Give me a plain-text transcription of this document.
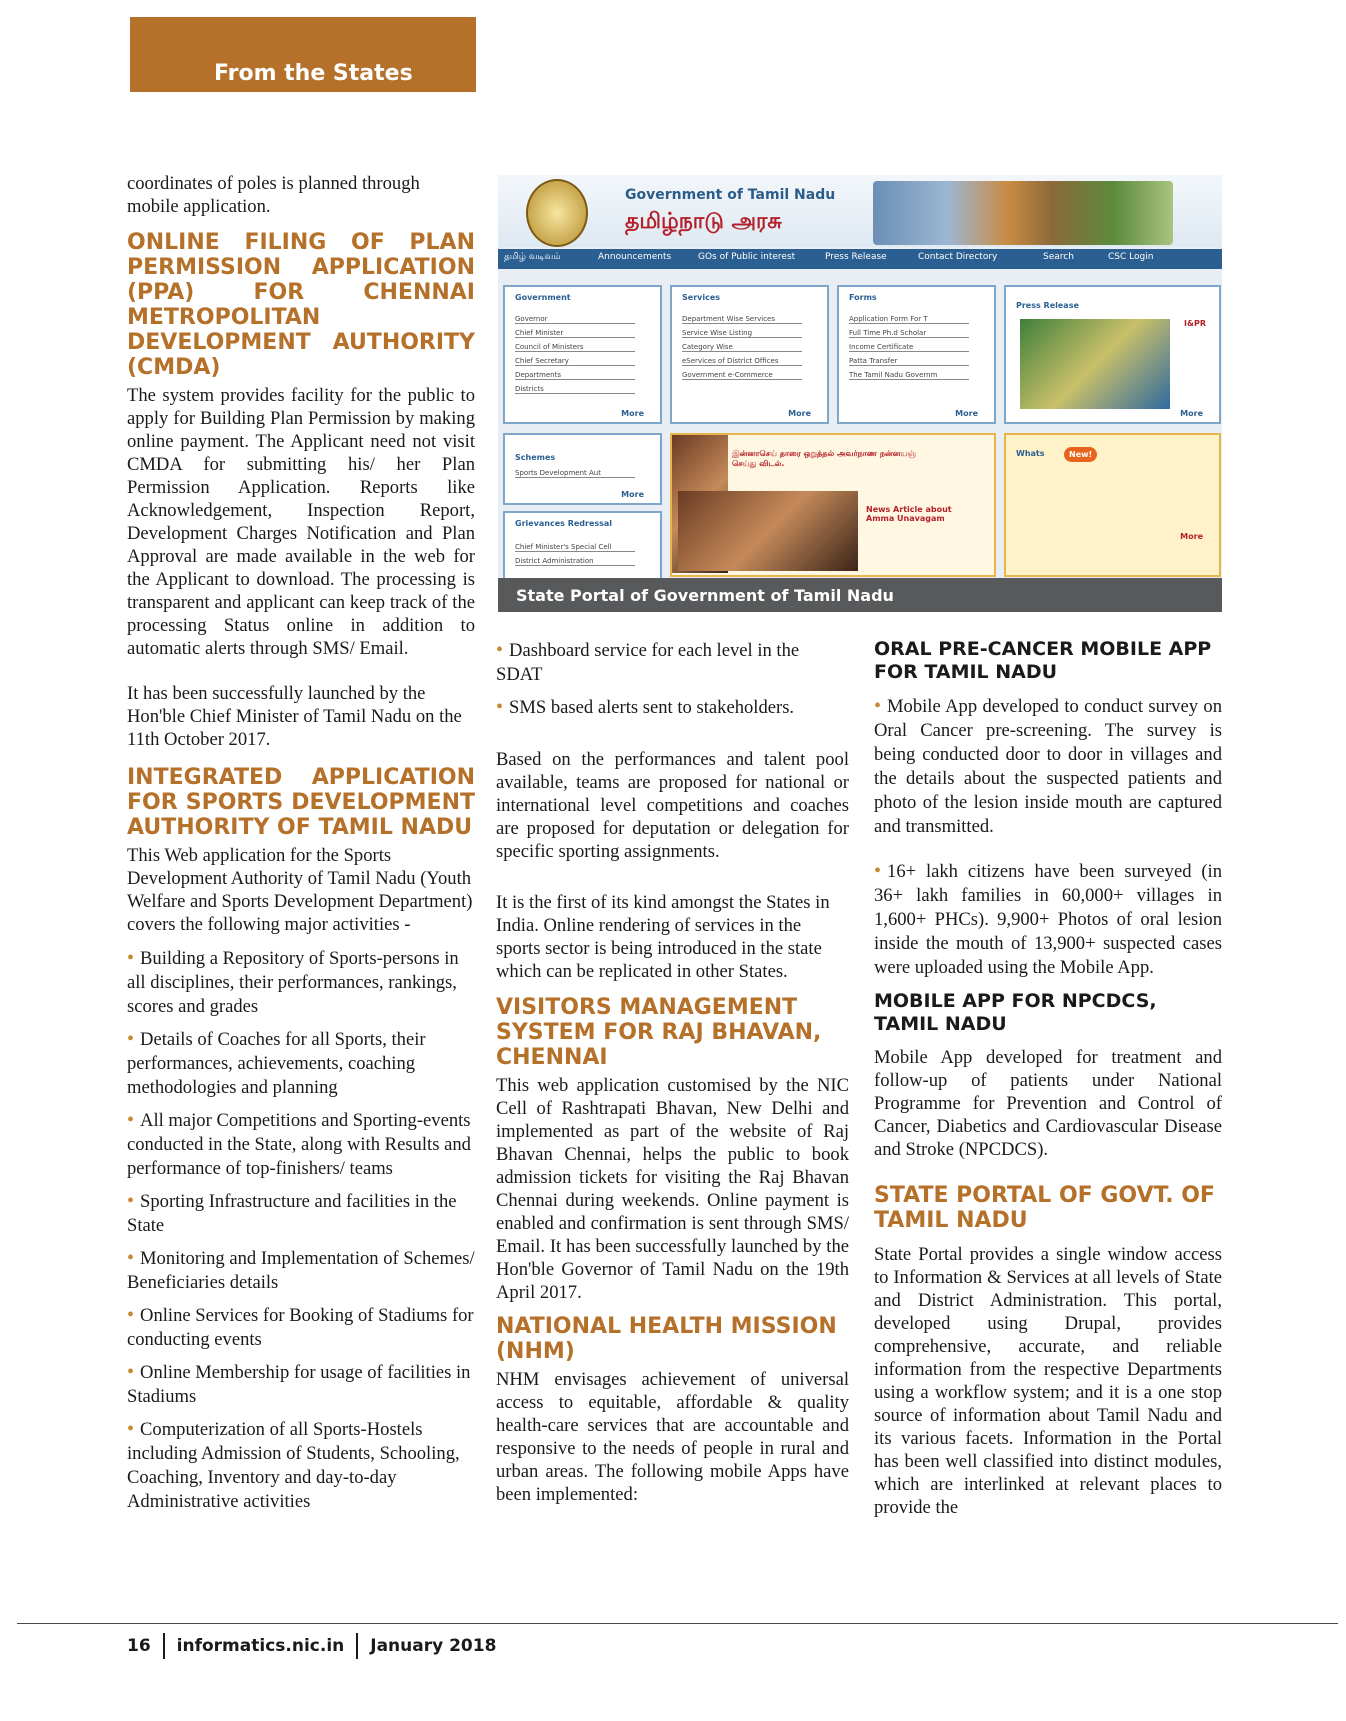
From the States

coordinates of poles is planned through mobile application.

ONLINE FILING OF PLAN PERMISSION APPLICATION (PPA) FOR CHENNAI METROPOLITAN DEVELOPMENT AUTHORITY (CMDA)

The system provides facility for the public to apply for Building Plan Permission by making online payment. The Applicant need not visit CMDA for submitting his/ her Plan Permission Application. Reports like Acknowledgement, Inspection Report, Development Charges Notification and Plan Approval are made available in the web for the Applicant to download. The processing is transparent and applicant can keep track of the processing Status online in addition to automatic alerts through SMS/ Email.

It has been successfully launched by the Hon'ble Chief Minister of Tamil Nadu on the 11th October 2017.

INTEGRATED APPLICATION FOR SPORTS DEVELOPMENT AUTHORITY OF TAMIL NADU

This Web application for the Sports Development Authority of Tamil Nadu (Youth Welfare and Sports Development Department) covers the following major activities -

• Building a Repository of Sports-persons in all disciplines, their performances, rankings, scores and grades
• Details of Coaches for all Sports, their performances, achievements, coaching methodologies and planning
• All major Competitions and Sporting-events conducted in the State, along with Results and performance of top-finishers/ teams
• Sporting Infrastructure and facilities in the State
• Monitoring and Implementation of Schemes/ Beneficiaries details
• Online Services for Booking of Stadiums for conducting events
• Online Membership for usage of facilities in Stadiums
• Computerization of all Sports-Hostels including Admission of Students, Schooling, Coaching, Inventory and day-to-day Administrative activities
Government of Tamil Nadu
தமிழ்நாடு அரசு
தமிழ் வடிவம்	Announcements	GOs of Public interest	Press Release	Contact Directory	Search	CSC Login
Government
Governor
Chief Minister
Council of Ministers
Chief Secretary
Departments
Districts
More
Services
Department Wise Services
Service Wise Listing
Category Wise
eServices of District Offices
Government e-Commerce
More
Forms
Application Form For T
Full Time Ph.d Scholar
Income Certificate
Patta Transfer
The Tamil Nadu Governm
More
Press Release
I&PR
More
Schemes
Sports Development Aut
More
Grievances Redressal
Chief Minister's Special Cell
District Administration
இன்னாசெய் தாரை ஒறுத்தல் அவர்நாண நன்னயஞ் செய்து விடல்.
News Article about Amma Unavagam
Whats	New!
More
State Portal of Government of Tamil Nadu
• Dashboard service for each level in the SDAT
• SMS based alerts sent to stakeholders.

Based on the performances and talent pool available, teams are proposed for national or international level competitions and coaches are proposed for deputation or delegation for specific sporting assignments.

It is the first of its kind amongst the States in India. Online rendering of services in the sports sector is being introduced in the state which can be replicated in other States.

VISITORS MANAGEMENT SYSTEM FOR RAJ BHAVAN, CHENNAI

This web application customised by the NIC Cell of Rashtrapati Bhavan, New Delhi and implemented as part of the website of Raj Bhavan Chennai, helps the public to book admission tickets for visiting the Raj Bhavan Chennai during weekends. Online payment is enabled and confirmation is sent through SMS/ Email. It has been successfully launched by the Hon'ble Governor of Tamil Nadu on the 19th April 2017.

NATIONAL HEALTH MISSION (NHM)

NHM envisages achievement of universal access to equitable, affordable & quality health-care services that are accountable and responsive to the needs of people in rural and urban areas. The following mobile Apps have been implemented:

ORAL PRE-CANCER MOBILE APP FOR TAMIL NADU
• Mobile App developed to conduct survey on Oral Cancer pre-screening. The survey is being conducted door to door in villages and the details about the suspected patients and photo of the lesion inside mouth are captured and transmitted.
• 16+ lakh citizens have been surveyed (in 36+ lakh families in 60,000+ villages in 1,600+ PHCs). 9,900+ Photos of oral lesion inside the mouth of 13,900+ suspected cases were uploaded using the Mobile App.
MOBILE APP FOR NPCDCS, TAMIL NADU

Mobile App developed for treatment and follow-up of patients under National Programme for Prevention and Control of Cancer, Diabetics and Cardiovascular Disease and Stroke (NPCDCS).

STATE PORTAL OF GOVT. OF TAMIL NADU

State Portal provides a single window access to Information & Services at all levels of State and District Administration. This portal, developed using Drupal, provides comprehensive, accurate, and reliable information from the respective Departments using a workflow system; and it is a one stop source of information about Tamil Nadu and its various facets. Information in the Portal has been well classified into distinct modules, which are interlinked at relevant places to provide the

16 informatics.nic.in January 2018
